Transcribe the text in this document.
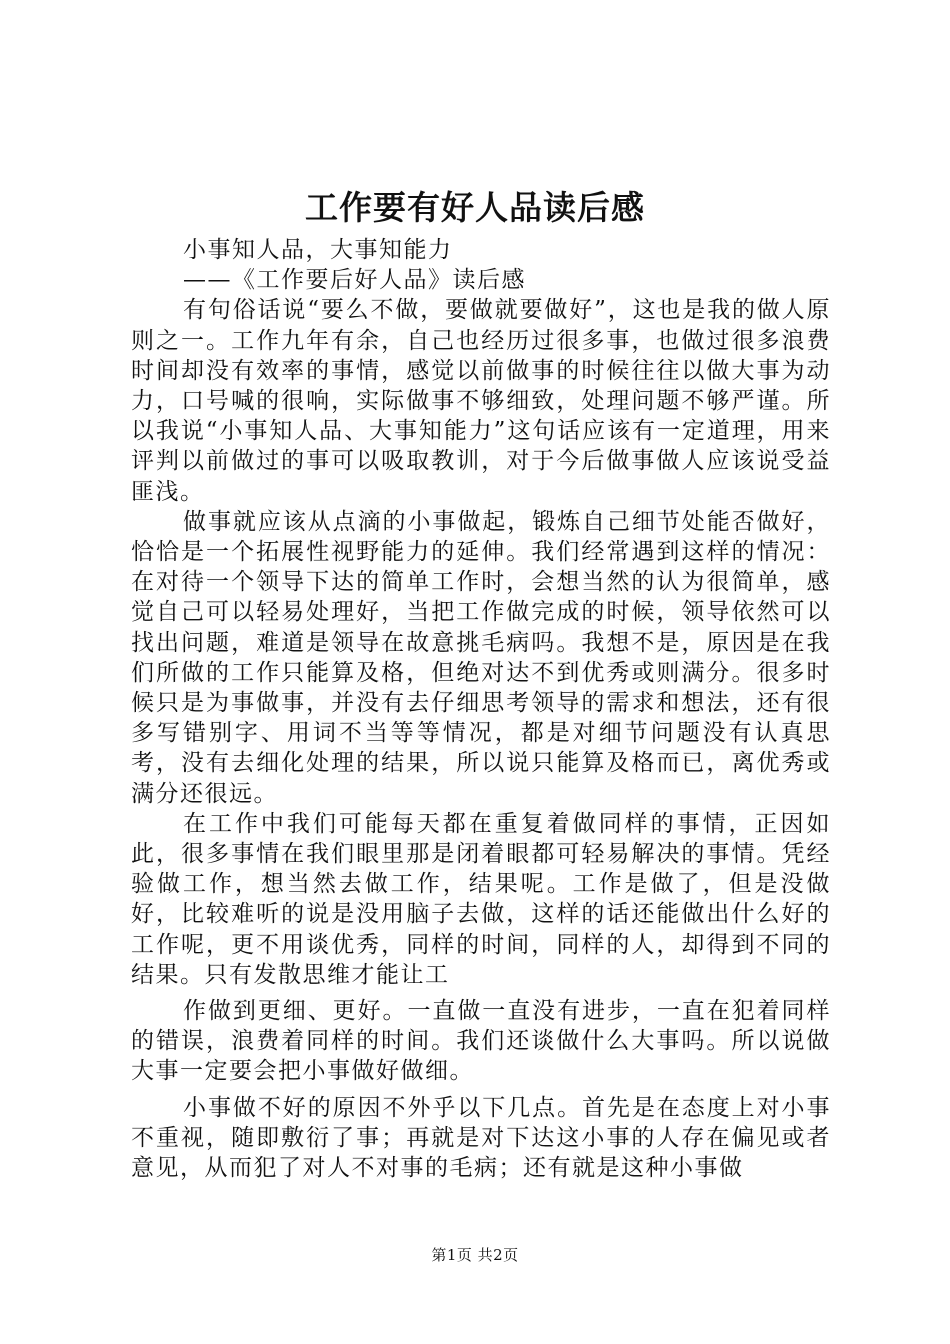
工作要有好人品读后感

小事知人品，大事知能力

——《工作要后好人品》读后感

有句俗话说“要么不做，要做就要做好”，这也是我的做人原则之一。工作九年有余，自己也经历过很多事，也做过很多浪费时间却没有效率的事情，感觉以前做事的时候往往以做大事为动力，口号喊的很响，实际做事不够细致，处理问题不够严谨。所以我说“小事知人品、大事知能力”这句话应该有一定道理，用来评判以前做过的事可以吸取教训，对于今后做事做人应该说受益匪浅。

做事就应该从点滴的小事做起，锻炼自己细节处能否做好，恰恰是一个拓展性视野能力的延伸。我们经常遇到这样的情况：在对待一个领导下达的简单工作时，会想当然的认为很简单，感觉自己可以轻易处理好，当把工作做完成的时候，领导依然可以找出问题，难道是领导在故意挑毛病吗。我想不是，原因是在我们所做的工作只能算及格，但绝对达不到优秀或则满分。很多时候只是为事做事，并没有去仔细思考领导的需求和想法，还有很多写错别字、用词不当等等情况，都是对细节问题没有认真思考，没有去细化处理的结果，所以说只能算及格而已，离优秀或满分还很远。

在工作中我们可能每天都在重复着做同样的事情，正因如此，很多事情在我们眼里那是闭着眼都可轻易解决的事情。凭经验做工作，想当然去做工作，结果呢。工作是做了，但是没做好，比较难听的说是没用脑子去做，这样的话还能做出什么好的工作呢，更不用谈优秀，同样的时间，同样的人，却得到不同的结果。只有发散思维才能让工

作做到更细、更好。一直做一直没有进步，一直在犯着同样的错误，浪费着同样的时间。我们还谈做什么大事吗。所以说做大事一定要会把小事做好做细。

小事做不好的原因不外乎以下几点。首先是在态度上对小事不重视，随即敷衍了事；再就是对下达这小事的人存在偏见或者意见，从而犯了对人不对事的毛病；还有就是这种小事做

第1页 共2页
